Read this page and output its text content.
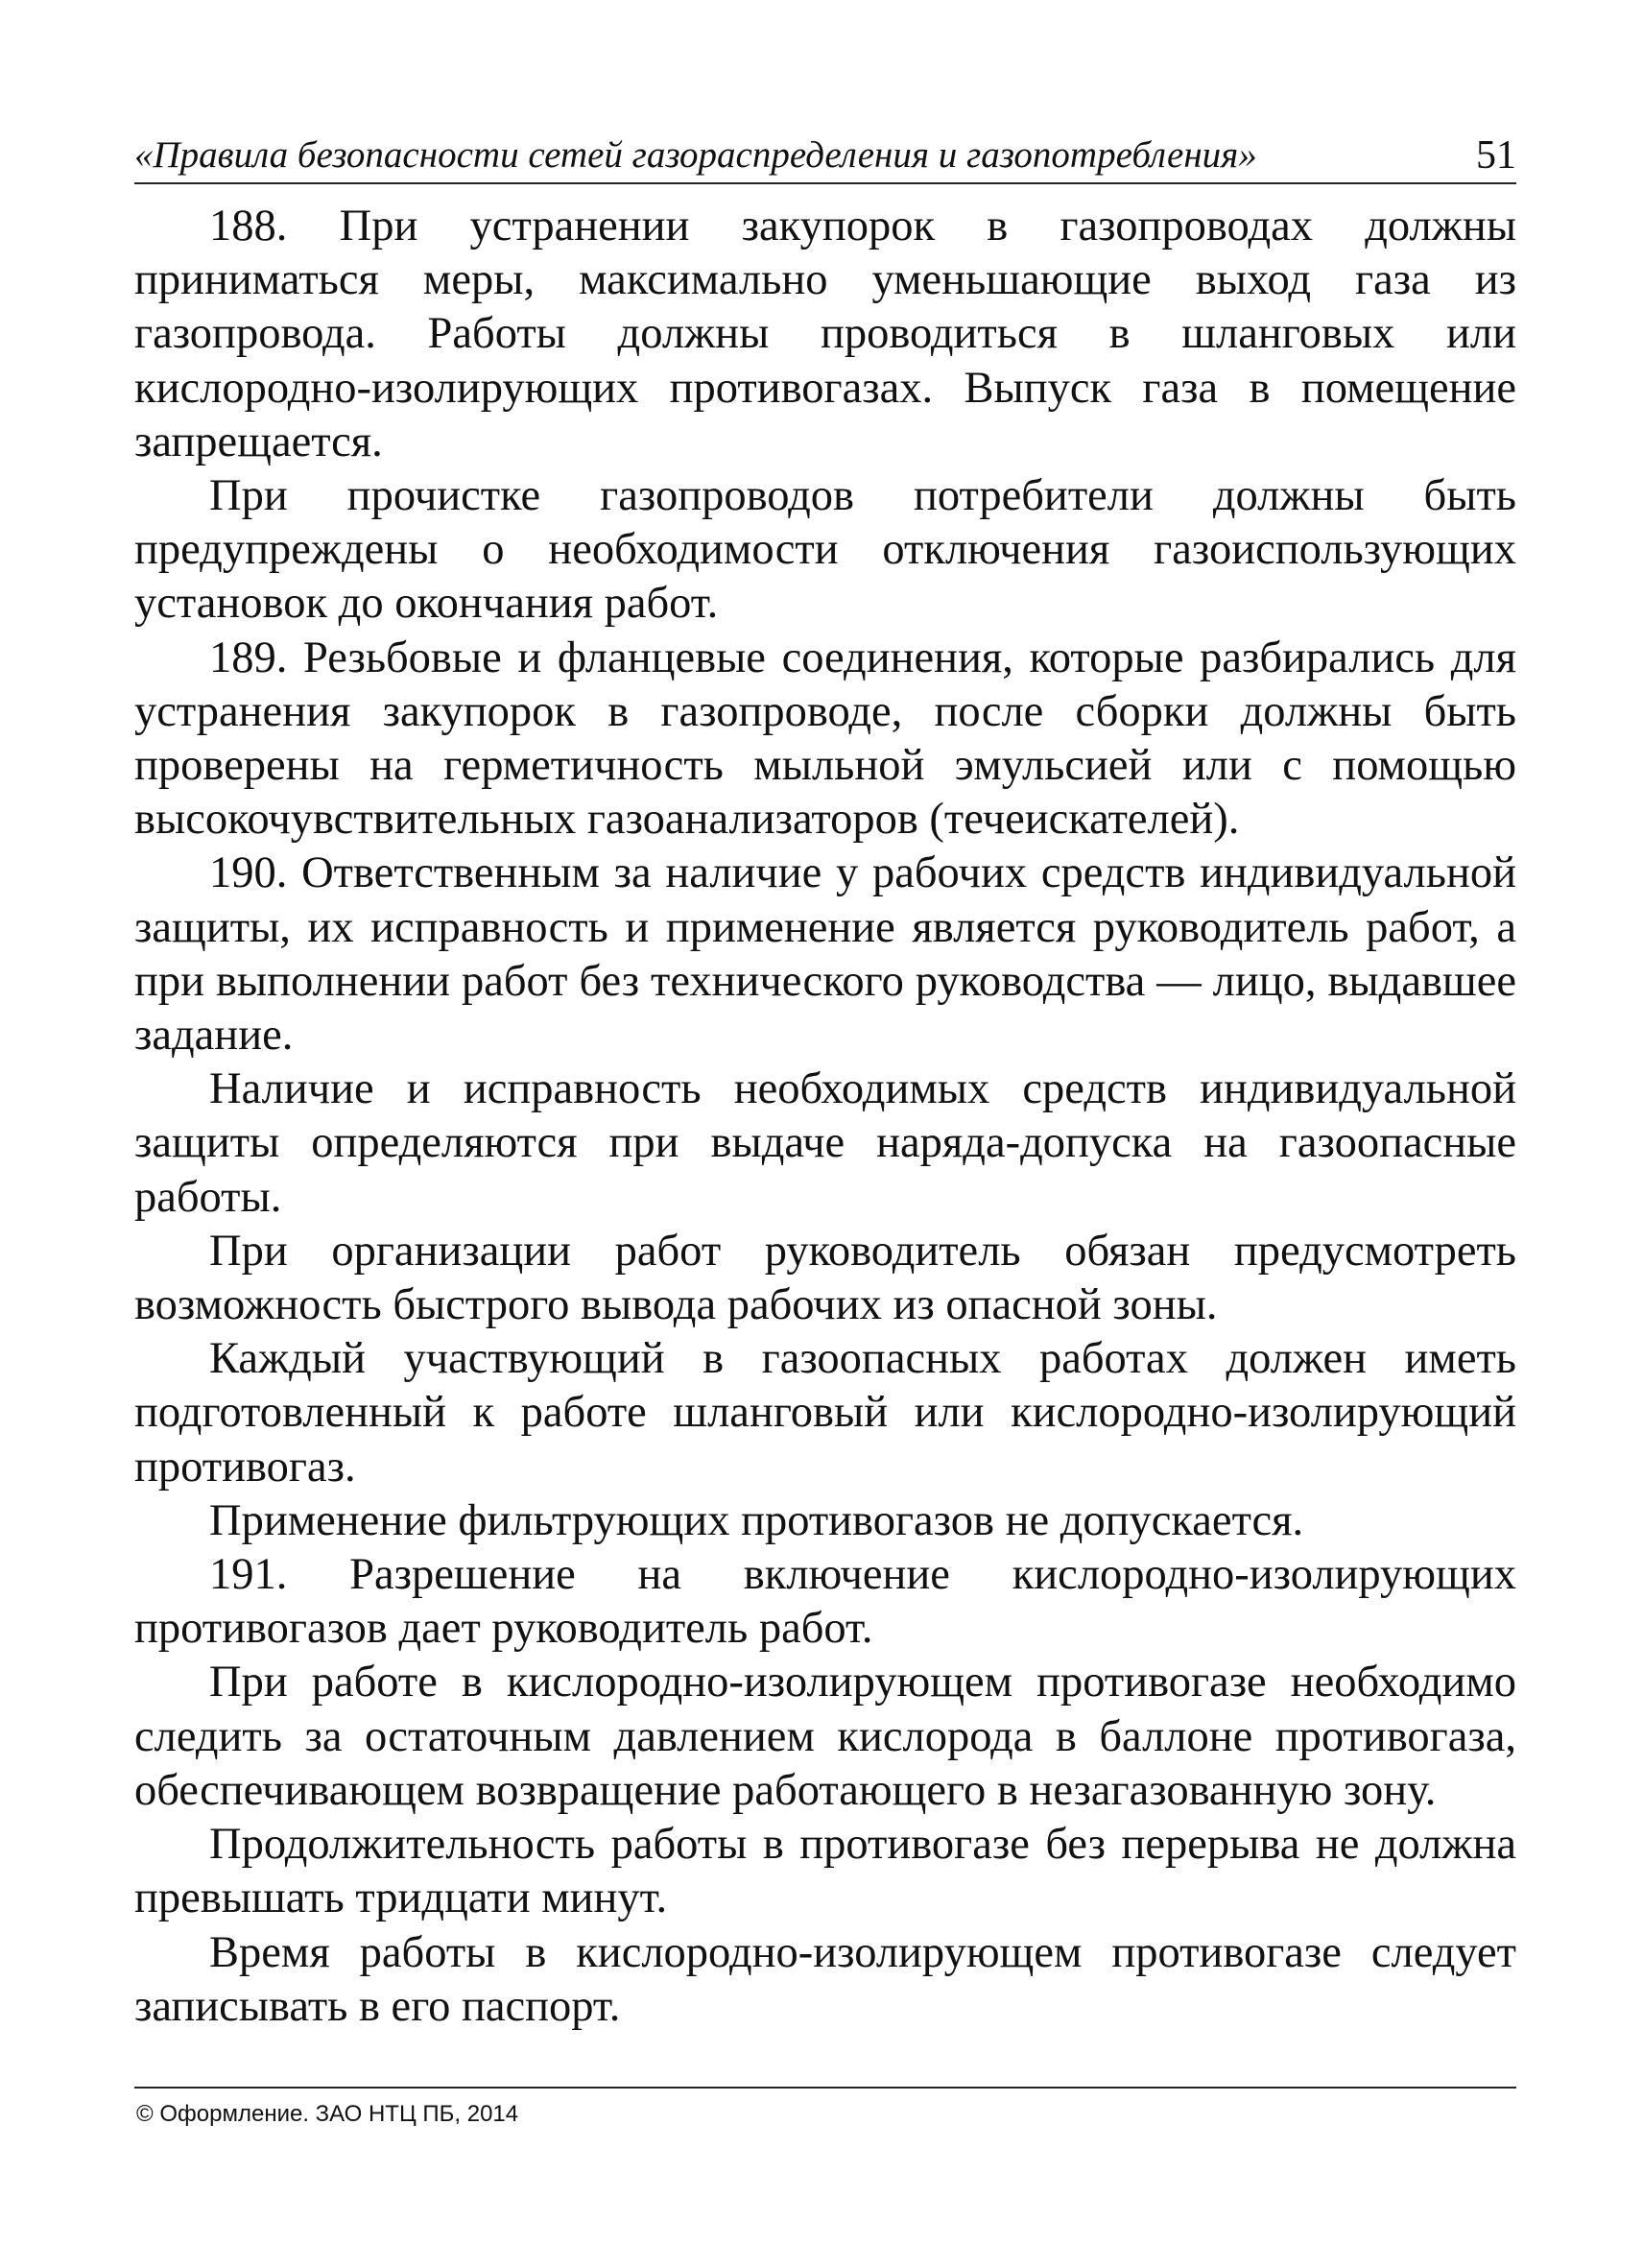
«Правила безопасности сетей газораспределения и газопотребления»	51

188. При устранении закупорок в газопроводах должны приниматься меры, максимально уменьшающие выход газа из газопровода. Работы должны проводиться в шланговых или кислородно-изолирующих противогазах. Выпуск газа в помещение запрещается.

При прочистке газопроводов потребители должны быть предупреждены о необходимости отключения газоиспользующих установок до окончания работ.

189. Резьбовые и фланцевые соединения, которые разбирались для устранения закупорок в газопроводе, после сборки должны быть проверены на герметичность мыльной эмульсией или с помощью высокочувствительных газоанализаторов (течеискателей).

190. Ответственным за наличие у рабочих средств индивидуальной защиты, их исправность и применение является руководитель работ, а при выполнении работ без технического руководства — лицо, выдавшее задание.

Наличие и исправность необходимых средств индивидуальной защиты определяются при выдаче наряда-допуска на газоопасные работы.

При организации работ руководитель обязан предусмотреть возможность быстрого вывода рабочих из опасной зоны.

Каждый участвующий в газоопасных работах должен иметь подготовленный к работе шланговый или кислородно-изолирующий противогаз.

Применение фильтрующих противогазов не допускается.

191. Разрешение на включение кислородно-изолирующих противогазов дает руководитель работ.

При работе в кислородно-изолирующем противогазе необходимо следить за остаточным давлением кислорода в баллоне противогаза, обеспечивающем возвращение работающего в незагазованную зону.

Продолжительность работы в противогазе без перерыва не должна превышать тридцати минут.

Время работы в кислородно-изолирующем противогазе следует записывать в его паспорт.

© Оформление. ЗАО НТЦ ПБ, 2014
